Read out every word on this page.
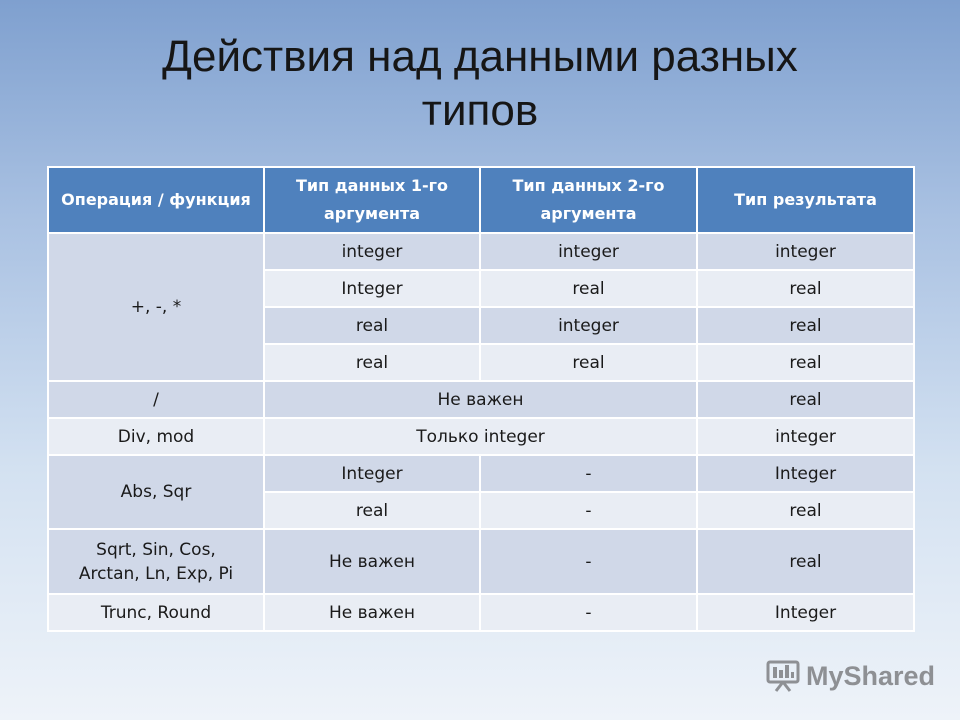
Действия над данными разных
типов
Операция / функция	Тип данных 1-го аргумента	Тип данных 2-го аргумента	Тип результата
+, -, *	integer	integer	integer
	Integer	real	real
	real	integer	real
	real	real	real
/	Не важен		real
Div, mod	Только integer		integer
Abs, Sqr	Integer	-	Integer
	real	-	real

Sqrt, Sin, Cos,
Arctan, Ln, Exp, Pi	Не важен	-	real
Trunc, Round	Не важен	-	Integer
MyShared
